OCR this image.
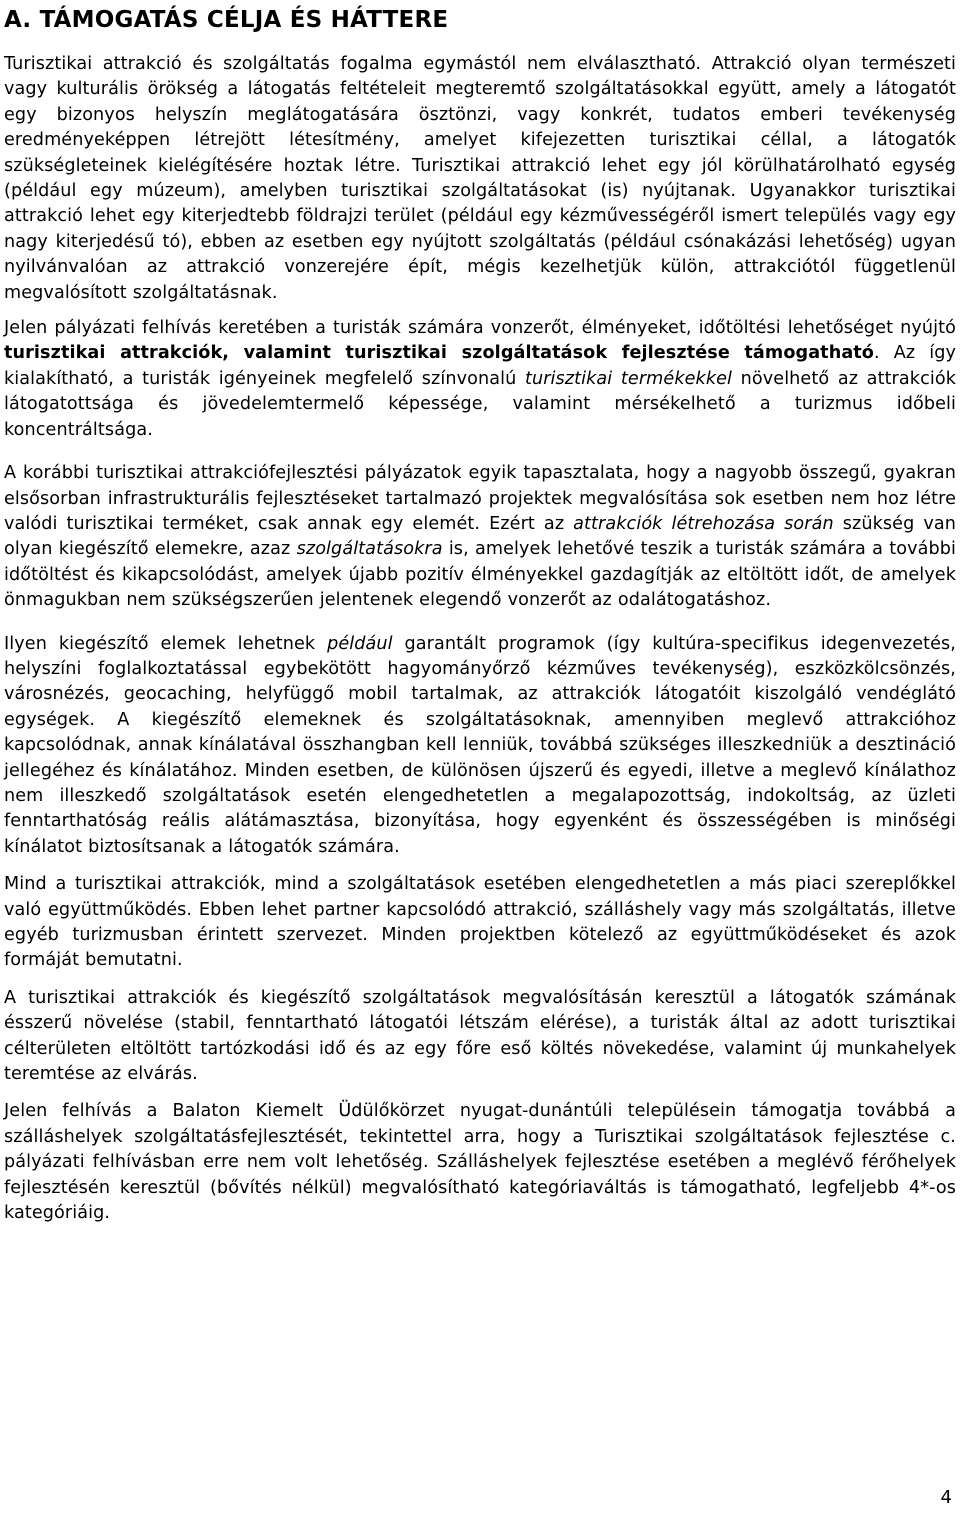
A. TÁMOGATÁS CÉLJA ÉS HÁTTERE

Turisztikai attrakció és szolgáltatás fogalma egymástól nem elválasztható. Attrakció olyan természeti vagy kulturális örökség a látogatás feltételeit megteremtő szolgáltatásokkal együtt, amely a látogatót egy bizonyos helyszín meglátogatására ösztönzi, vagy konkrét, tudatos emberi tevékenység eredményeképpen létrejött létesítmény, amelyet kifejezetten turisztikai céllal, a látogatók szükségleteinek kielégítésére hoztak létre. Turisztikai attrakció lehet egy jól körülhatárolható egység (például egy múzeum), amelyben turisztikai szolgáltatásokat (is) nyújtanak. Ugyanakkor turisztikai attrakció lehet egy kiterjedtebb földrajzi terület (például egy kézművességéről ismert település vagy egy nagy kiterjedésű tó), ebben az esetben egy nyújtott szolgáltatás (például csónakázási lehetőség) ugyan nyilvánvalóan az attrakció vonzerejére épít, mégis kezelhetjük külön, attrakciótól függetlenül megvalósított szolgáltatásnak.

Jelen pályázati felhívás keretében a turisták számára vonzerőt, élményeket, időtöltési lehetőséget nyújtó turisztikai attrakciók, valamint turisztikai szolgáltatások fejlesztése támogatható. Az így kialakítható, a turisták igényeinek megfelelő színvonalú turisztikai termékekkel növelhető az attrakciók látogatottsága és jövedelemtermelő képessége, valamint mérsékelhető a turizmus időbeli koncentráltsága.

A korábbi turisztikai attrakciófejlesztési pályázatok egyik tapasztalata, hogy a nagyobb összegű, gyakran elsősorban infrastrukturális fejlesztéseket tartalmazó projektek megvalósítása sok esetben nem hoz létre valódi turisztikai terméket, csak annak egy elemét. Ezért az attrakciók létrehozása során szükség van olyan kiegészítő elemekre, azaz szolgáltatásokra is, amelyek lehetővé teszik a turisták számára a további időtöltést és kikapcsolódást, amelyek újabb pozitív élményekkel gazdagítják az eltöltött időt, de amelyek önmagukban nem szükségszerűen jelentenek elegendő vonzerőt az odalátogatáshoz.

Ilyen kiegészítő elemek lehetnek például garantált programok (így kultúra-specifikus idegenvezetés, helyszíni foglalkoztatással egybekötött hagyományőrző kézműves tevékenység), eszközkölcsönzés, városnézés, geocaching, helyfüggő mobil tartalmak, az attrakciók látogatóit kiszolgáló vendéglátó egységek. A kiegészítő elemeknek és szolgáltatásoknak, amennyiben meglevő attrakcióhoz kapcsolódnak, annak kínálatával összhangban kell lenniük, továbbá szükséges illeszkedniük a desztináció jellegéhez és kínálatához. Minden esetben, de különösen újszerű és egyedi, illetve a meglevő kínálathoz nem illeszkedő szolgáltatások esetén elengedhetetlen a megalapozottság, indokoltság, az üzleti fenntarthatóság reális alátámasztása, bizonyítása, hogy egyenként és összességében is minőségi kínálatot biztosítsanak a látogatók számára.

Mind a turisztikai attrakciók, mind a szolgáltatások esetében elengedhetetlen a más piaci szereplőkkel való együttműködés. Ebben lehet partner kapcsolódó attrakció, szálláshely vagy más szolgáltatás, illetve egyéb turizmusban érintett szervezet. Minden projektben kötelező az együttműködéseket és azok formáját bemutatni.

A turisztikai attrakciók és kiegészítő szolgáltatások megvalósításán keresztül a látogatók számának ésszerű növelése (stabil, fenntartható látogatói létszám elérése), a turisták által az adott turisztikai célterületen eltöltött tartózkodási idő és az egy főre eső költés növekedése, valamint új munkahelyek teremtése az elvárás.

Jelen felhívás a Balaton Kiemelt Üdülőkörzet nyugat-dunántúli településein támogatja továbbá a szálláshelyek szolgáltatásfejlesztését, tekintettel arra, hogy a Turisztikai szolgáltatások fejlesztése c. pályázati felhívásban erre nem volt lehetőség. Szálláshelyek fejlesztése esetében a meglévő férőhelyek fejlesztésén keresztül (bővítés nélkül) megvalósítható kategóriaváltás is támogatható, legfeljebb 4*-os kategóriáig.

4
